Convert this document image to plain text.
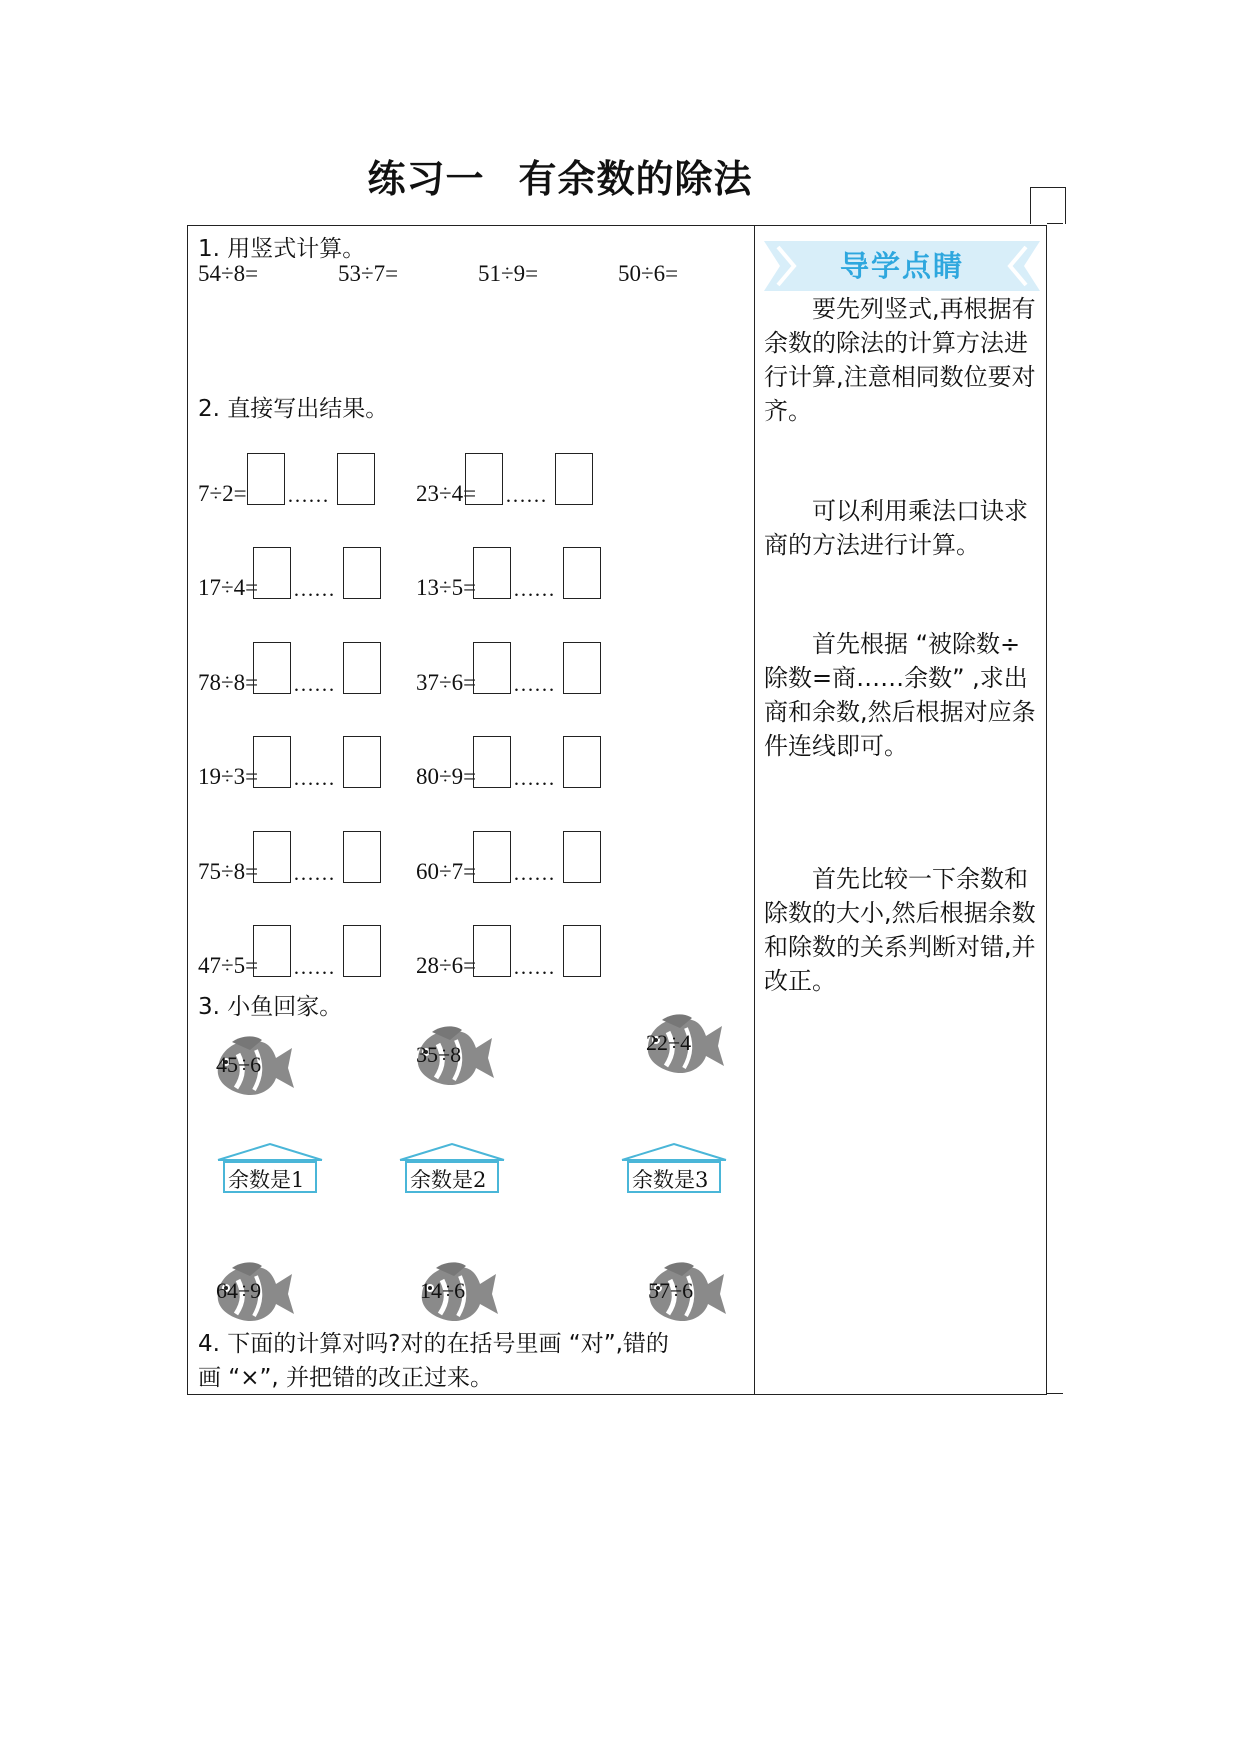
练习一 有余数的除法
1. 用竖式计算。
54÷8=	53÷7=	51÷9=	50÷6=
2. 直接写出结果。
7÷2= ……	23÷4= ……
17÷4= ……	13÷5= ……
78÷8= ……	37÷6= ……
19÷3= ……	80÷9= ……
75÷8= ……	60÷7= ……
47÷5= ……	28÷6= ……
3. 小鱼回家。
45÷6	35÷8	22÷4
余数是1	余数是2	余数是3
64÷9	14÷6	57÷6
4. 下面的计算对吗?对的在括号里画 “对”,错的
画 “×”, 并把错的改正过来。
导学点睛
要先列竖式,再根据有余数的除法的计算方法进行计算,注意相同数位要对齐。
可以利用乘法口诀求商的方法进行计算。
首先根据 “被除数÷除数=商……余数” ,求出商和余数,然后根据对应条件连线即可。
首先比较一下余数和除数的大小,然后根据余数和除数的关系判断对错,并改正。
